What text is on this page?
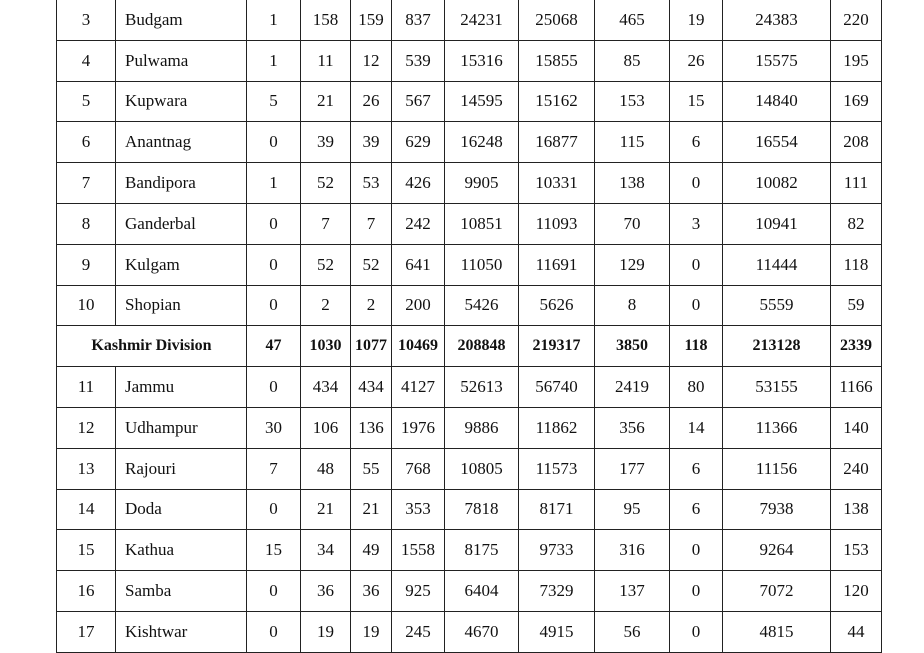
3	Budgam	1	158	159	837	24231	25068	465	19	24383	220
4	Pulwama	1	11	12	539	15316	15855	85	26	15575	195
5	Kupwara	5	21	26	567	14595	15162	153	15	14840	169
6	Anantnag	0	39	39	629	16248	16877	115	6	16554	208
7	Bandipora	1	52	53	426	9905	10331	138	0	10082	111
8	Ganderbal	0	7	7	242	10851	11093	70	3	10941	82
9	Kulgam	0	52	52	641	11050	11691	129	0	11444	118
10	Shopian	0	2	2	200	5426	5626	8	0	5559	59
Kashmir Division		47	1030	1077	10469	208848	219317	3850	118	213128	2339
11	Jammu	0	434	434	4127	52613	56740	2419	80	53155	1166
12	Udhampur	30	106	136	1976	9886	11862	356	14	11366	140
13	Rajouri	7	48	55	768	10805	11573	177	6	11156	240
14	Doda	0	21	21	353	7818	8171	95	6	7938	138
15	Kathua	15	34	49	1558	8175	9733	316	0	9264	153
16	Samba	0	36	36	925	6404	7329	137	0	7072	120
17	Kishtwar	0	19	19	245	4670	4915	56	0	4815	44
